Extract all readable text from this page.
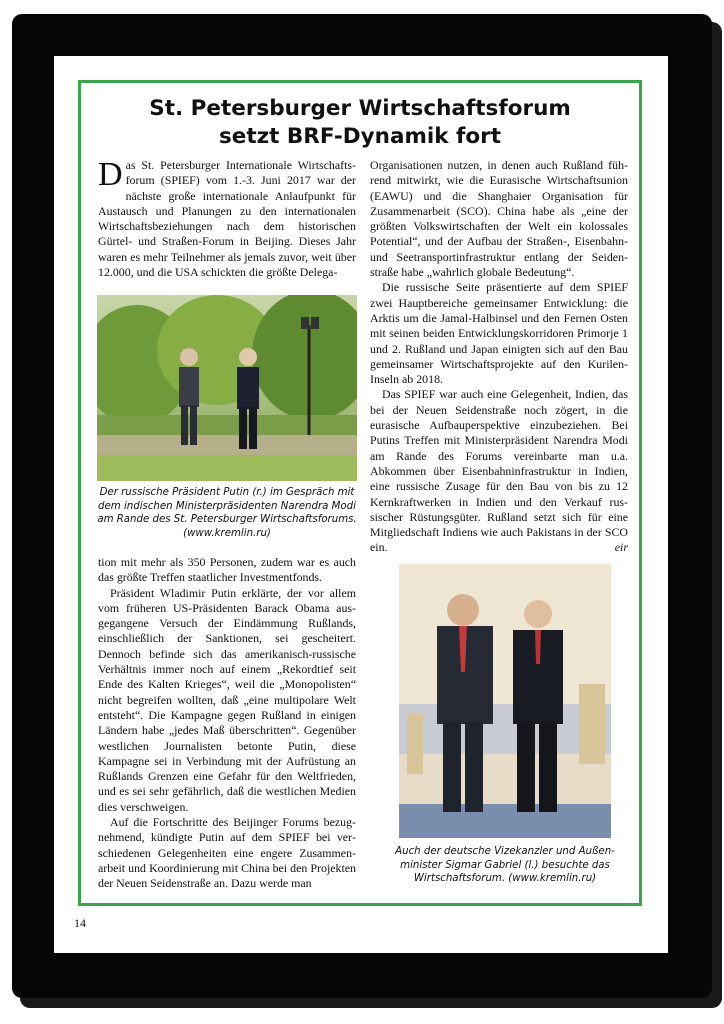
St. Petersburger Wirtschaftsforum
setzt BRF-Dynamik fort

Das St. Petersburger Internationale Wirtschaftsforum (SPIEF) vom 1.-3. Juni 2017 war der nächste große internationale Anlaufpunkt für Austausch und Planungen zu den internationalen Wirtschaftsbeziehungen nach dem historischen Gürtel- und Straßen-Forum in Beijing. Dieses Jahr waren es mehr Teilnehmer als jemals zuvor, weit über 12.000, und die USA schickten die größte Delega-

Der russische Präsident Putin (r.) im Gespräch mit
dem indischen Ministerpräsidenten Narendra Modi
am Rande des St. Petersburger Wirtschaftsforums.
(www.kremlin.ru)

tion mit mehr als 350 Personen, zudem war es auch das größte Treffen staatlicher Investmentfonds.

Präsident Wladimir Putin erklärte, der vor allem vom früheren US-Präsidenten Barack Obama ausgegangene Versuch der Eindämmung Rußlands, einschließlich der Sanktionen, sei gescheitert. Dennoch befinde sich das amerikanisch-russische Verhältnis immer noch auf einem „Rekordtief seit Ende des Kalten Krieges“, weil die „Monopolisten“ nicht begreifen wollten, daß „eine multipolare Welt entsteht“. Die Kampagne gegen Rußland in einigen Ländern habe „jedes Maß überschritten“. Gegenüber westlichen Journalisten betonte Putin, diese Kampagne sei in Verbindung mit der Aufrüstung an Rußlands Grenzen eine Gefahr für den Weltfrieden, und es sei sehr gefährlich, daß die westlichen Medien dies verschweigen.

Auf die Fortschritte des Beijinger Forums bezugnehmend, kündigte Putin auf dem SPIEF bei verschiedenen Gelegenheiten eine engere Zusammenarbeit und Koordinierung mit China bei den Projekten der Neuen Seidenstraße an. Dazu werde man

Organisationen nutzen, in denen auch Rußland führend mitwirkt, wie die Eurasische Wirtschaftsunion (EAWU) und die Shanghaier Organisation für Zusammenarbeit (SCO). China habe als „eine der größten Volkswirtschaften der Welt ein kolossales Potential“, und der Aufbau der Straßen-, Eisenbahn- und Seetransportinfrastruktur entlang der Seidenstraße habe „wahrlich globale Bedeutung“.

Die russische Seite präsentierte auf dem SPIEF zwei Hauptbereiche gemeinsamer Entwicklung: die Arktis um die Jamal-Halbinsel und den Fernen Osten mit seinen beiden Entwicklungskorridoren Primorje 1 und 2. Rußland und Japan einigten sich auf den Bau gemeinsamer Wirtschaftsprojekte auf den Kurilen-Inseln ab 2018.

Das SPIEF war auch eine Gelegenheit, Indien, das bei der Neuen Seidenstraße noch zögert, in die eurasische Aufbauperspektive einzubeziehen. Bei Putins Treffen mit Ministerpräsident Narendra Modi am Rande des Forums vereinbarte man u.a. Abkommen über Eisenbahninfrastruktur in Indien, eine russische Zusage für den Bau von bis zu 12 Kernkraftwerken in Indien und den Verkauf russischer Rüstungsgüter. Rußland setzt sich für eine Mitgliedschaft Indiens wie auch Pakistans in der SCO ein.	eir

Auch der deutsche Vizekanzler und Außen-
minister Sigmar Gabriel (l.) besuchte das
Wirtschaftsforum. (www.kremlin.ru)
14
